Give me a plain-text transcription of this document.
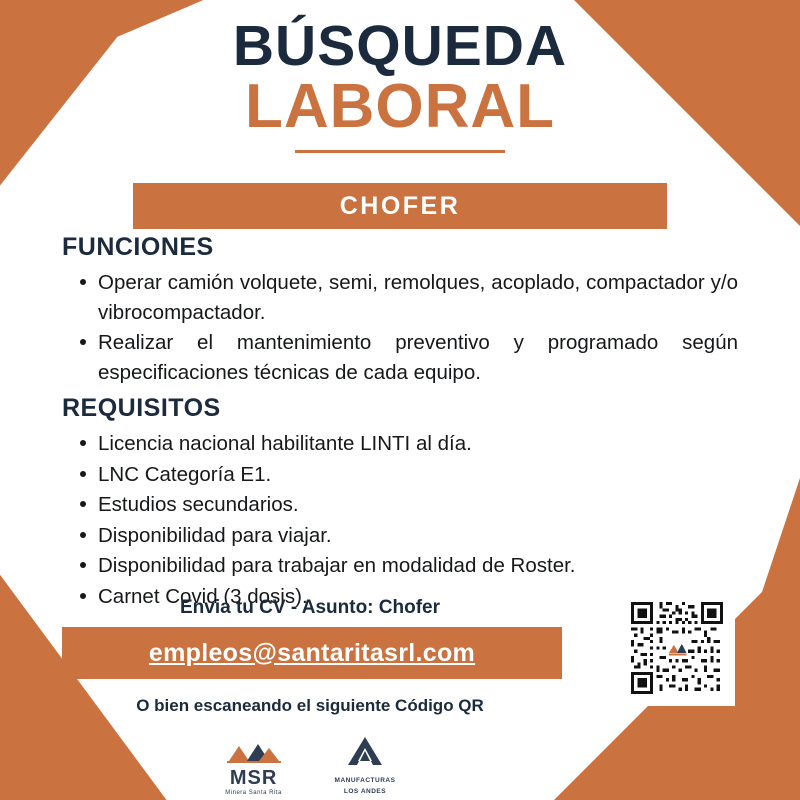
BÚSQUEDA
LABORAL
CHOFER
FUNCIONES
Operar camión volquete, semi, remolques, acoplado, compactador y/o vibrocompactador.
Realizar el mantenimiento preventivo y programado según especificaciones técnicas de cada equipo.
REQUISITOS
Licencia nacional habilitante LINTI al día.
LNC Categoría E1.
Estudios secundarios.
Disponibilidad para viajar.
Disponibilidad para trabajar en modalidad de Roster.
Carnet Covid (3 dosis).
Envia tu CV - Asunto: Chofer
empleos@santaritasrl.com
O bien escaneando el siguiente Código QR
MSR
Minera Santa Rita
MANUFACTURAS
LOS ANDES
